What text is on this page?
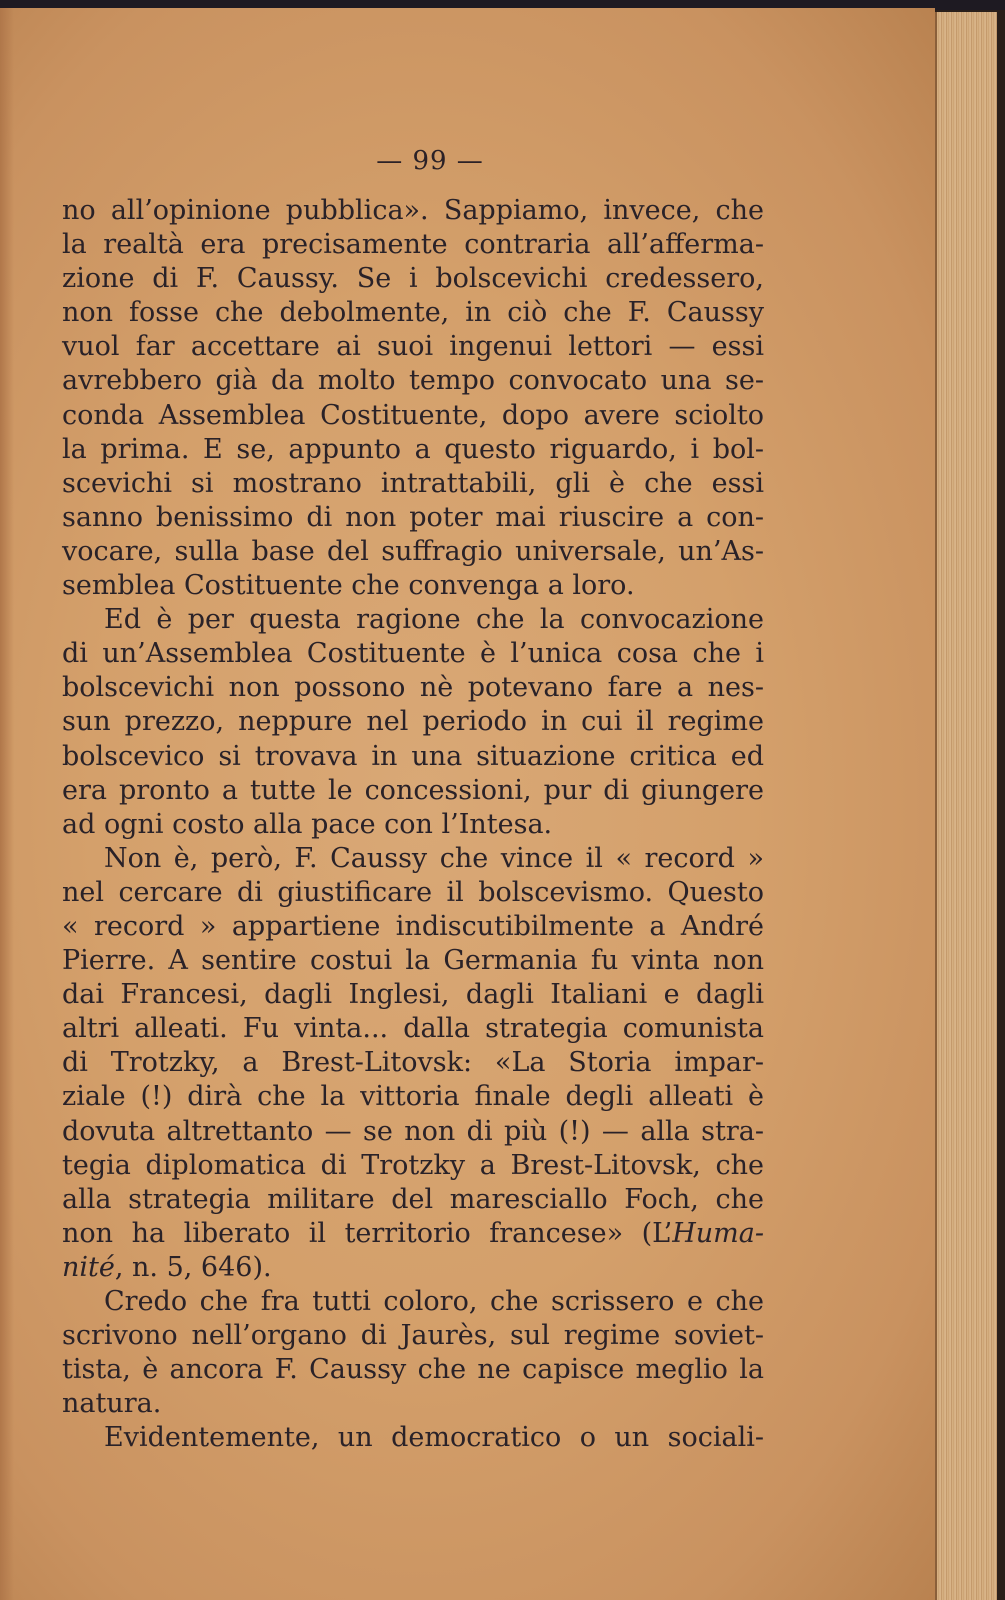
— 99 —
no all’opinione pubblica». Sappiamo, invece, che
la realtà era precisamente contraria all’afferma-
zione di F. Caussy. Se i bolscevichi credessero,
non fosse che debolmente, in ciò che F. Caussy
vuol far accettare ai suoi ingenui lettori — essi
avrebbero già da molto tempo convocato una se-
conda Assemblea Costituente, dopo avere sciolto
la prima. E se, appunto a questo riguardo, i bol-
scevichi si mostrano intrattabili, gli è che essi
sanno benissimo di non poter mai riuscire a con-
vocare, sulla base del suffragio universale, un’As-
semblea Costituente che convenga a loro.
Ed è per questa ragione che la convocazione
di un’Assemblea Costituente è l’unica cosa che i
bolscevichi non possono nè potevano fare a nes-
sun prezzo, neppure nel periodo in cui il regime
bolscevico si trovava in una situazione critica ed
era pronto a tutte le concessioni, pur di giungere
ad ogni costo alla pace con l’Intesa.
Non è, però, F. Caussy che vince il « record »
nel cercare di giustificare il bolscevismo. Questo
« record » appartiene indiscutibilmente a André
Pierre. A sentire costui la Germania fu vinta non
dai Francesi, dagli Inglesi, dagli Italiani e dagli
altri alleati. Fu vinta... dalla strategia comunista
di Trotzky, a Brest-Litovsk: «La Storia impar-
ziale (!) dirà che la vittoria finale degli alleati è
dovuta altrettanto — se non di più (!) — alla stra-
tegia diplomatica di Trotzky a Brest-Litovsk, che
alla strategia militare del maresciallo Foch, che
non ha liberato il territorio francese» (L’Huma-
nité, n. 5, 646).
Credo che fra tutti coloro, che scrissero e che
scrivono nell’organo di Jaurès, sul regime soviet-
tista, è ancora F. Caussy che ne capisce meglio la
natura.
Evidentemente, un democratico o un sociali-
